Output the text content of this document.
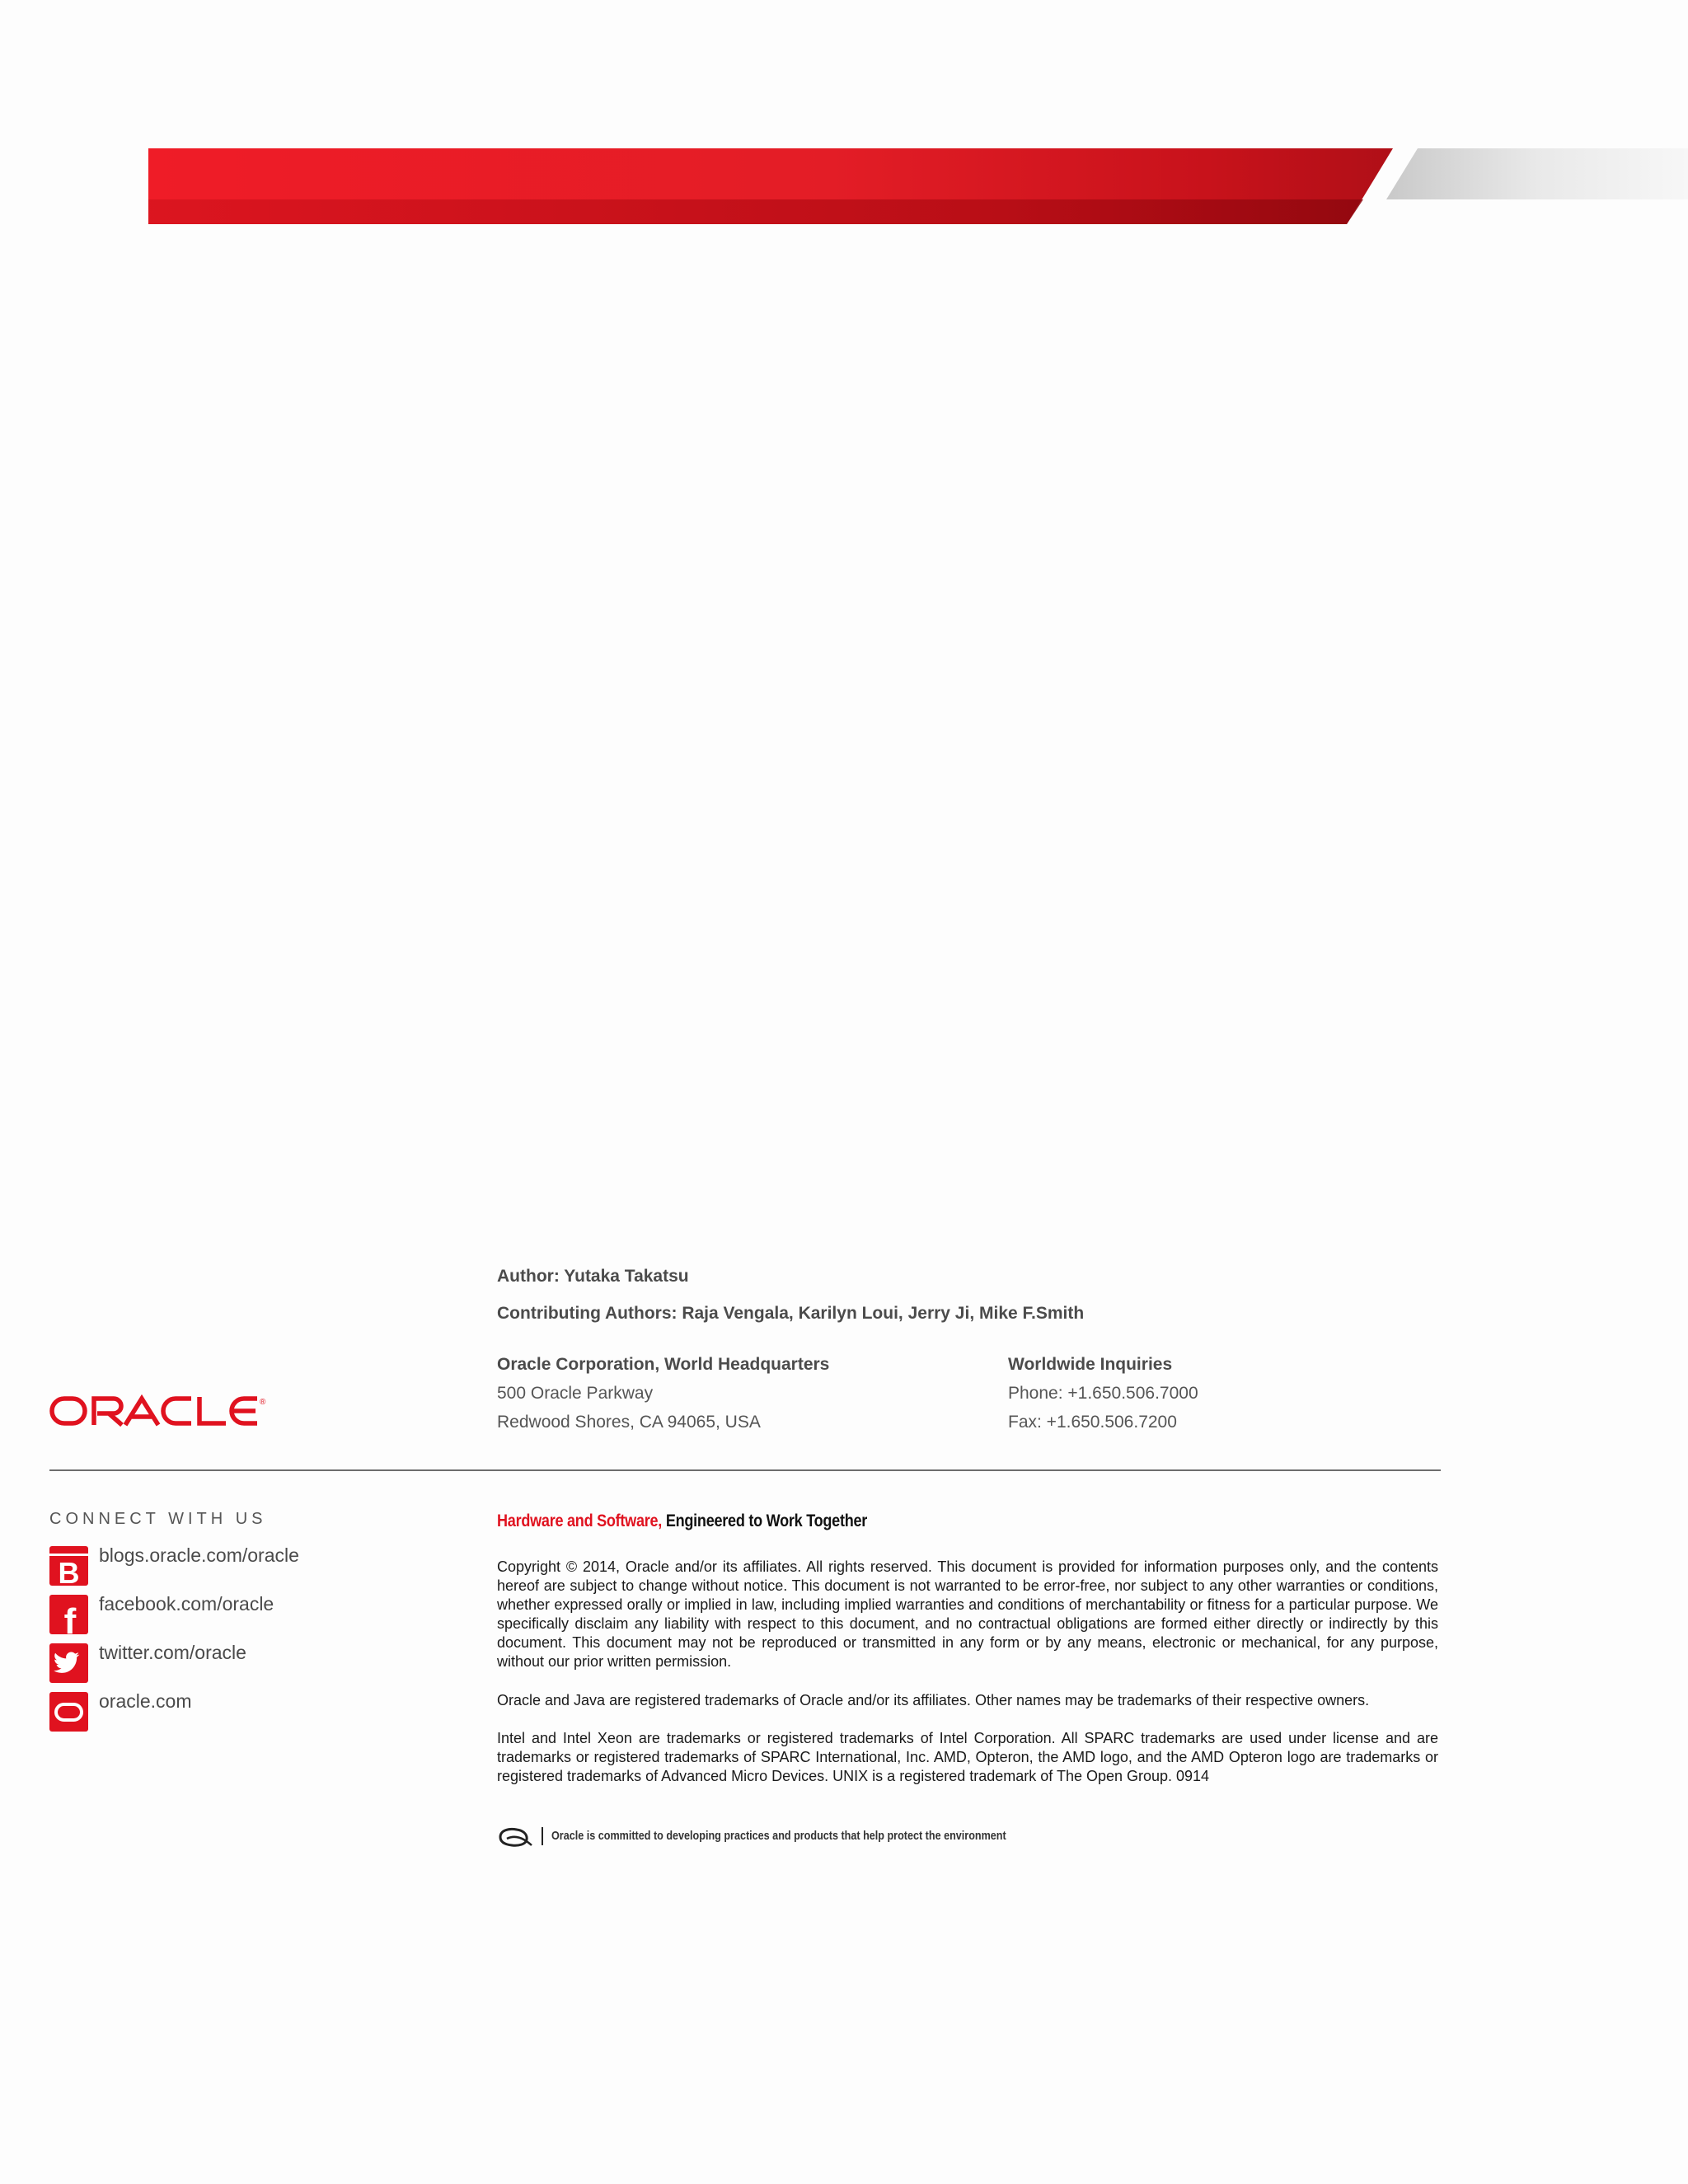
Author: Yutaka Takatsu
Contributing Authors: Raja Vengala, Karilyn Loui, Jerry Ji, Mike F.Smith
Oracle Corporation, World Headquarters
500 Oracle Parkway
Redwood Shores, CA 94065, USA
Worldwide Inquiries
Phone: +1.650.506.7000
Fax: +1.650.506.7200
®
CONNECT WITH US
B
blogs.oracle.com/oracle
f facebook.com/oracle
twitter.com/oracle
oracle.com
Hardware and Software, Engineered to Work Together
Copyright © 2014, Oracle and/or its affiliates. All rights reserved. This document is provided for information purposes only, and the contents hereof are subject to change without notice. This document is not warranted to be error-free, nor subject to any other warranties or conditions, whether expressed orally or implied in law, including implied warranties and conditions of merchantability or fitness for a particular purpose. We specifically disclaim any liability with respect to this document, and no contractual obligations are formed either directly or indirectly by this document. This document may not be reproduced or transmitted in any form or by any means, electronic or mechanical, for any purpose, without our prior written permission.
Oracle and Java are registered trademarks of Oracle and/or its affiliates. Other names may be trademarks of their respective owners.
Intel and Intel Xeon are trademarks or registered trademarks of Intel Corporation. All SPARC trademarks are used under license and are trademarks or registered trademarks of SPARC International, Inc. AMD, Opteron, the AMD logo, and the AMD Opteron logo are trademarks or registered trademarks of Advanced Micro Devices. UNIX is a registered trademark of The Open Group. 0914
Oracle is committed to developing practices and products that help protect the environment
